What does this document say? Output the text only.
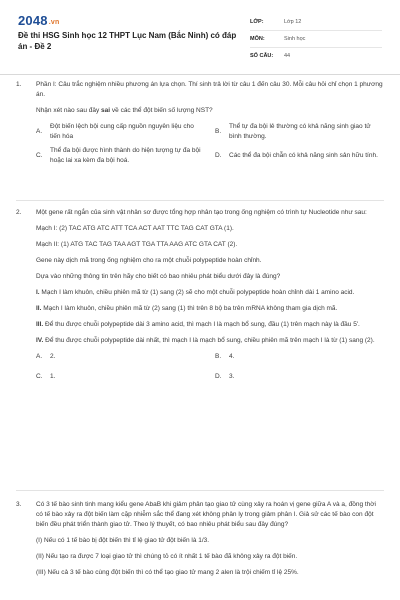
2048.vn
Đề thi HSG Sinh học 12 THPT Lục Nam (Bắc Ninh) có đáp án - Đề 2
LỚP:	Lớp 12
MÔN:	Sinh học
SỐ CÂU:	44
1.	Phần I: Câu trắc nghiệm nhiều phương án lựa chọn. Thí sinh trả lời từ câu 1 đến câu 30. Mỗi câu hỏi chỉ chọn 1 phương án.

Nhận xét nào sau đây sai về các thể đột biến số lượng NST?

A.
Đột biến lệch bội cung cấp nguồn nguyên liệu cho tiến hóa
B.
Thể tự đa bội lẻ thường có khả năng sinh giao tử bình thường.
C.
Thể đa bội được hình thành do hiện tượng tự đa bội hoặc lai xa kèm đa bội hoá.
D.	Các thể đa bội chẵn có khả năng sinh sản hữu tính.
2.	Một gene rất ngắn của sinh vật nhân sơ được tổng hợp nhân tạo trong ống nghiệm có trình tự Nucleotide như sau:

Mạch I: (2) TAC ATG ATC ATT TCA ACT AAT TTC TAG CAT GTA (1).

Mạch II: (1) ATG TAC TAG TAA AGT TGA TTA AAG ATC GTA CAT (2).

Gene này dịch mã trong ống nghiệm cho ra một chuỗi polypeptide hoàn chỉnh.

Dựa vào những thông tin trên hãy cho biết có bao nhiêu phát biểu dưới đây là đúng?

I. Mạch I làm khuôn, chiều phiên mã từ (1) sang (2) sẽ cho một chuỗi polypeptide hoàn chỉnh dài 1 amino acid.

II. Mạch I làm khuôn, chiều phiên mã từ (2) sang (1) thì trên 8 bộ ba trên mRNA không tham gia dịch mã.

III. Để thu được chuỗi polypeptide dài 3 amino acid, thì mạch I là mạch bổ sung, đầu (1) trên mạch này là đầu 5'.

IV. Để thu được chuỗi polypeptide dài nhất, thì mạch I là mạch bổ sung, chiều phiên mã trên mạch I là từ (1) sang (2).

A.	2.	B.	4.
C.	1.	D.	3.
3.	Có 3 tế bào sinh tinh mang kiểu gene AbaB khi giảm phân tạo giao tử cùng xảy ra hoán vị gene giữa A và a, đồng thời có tế bào xảy ra đột biến làm cặp nhiễm sắc thể đang xét không phân ly trong giảm phân I. Giả sử các tế bào con đột biến đều phát triển thành giao tử. Theo lý thuyết, có bao nhiêu phát biểu sau đây đúng?

(I) Nếu có 1 tế bào bị đột biến thì tỉ lệ giao tử đột biến là 1/3.

(II) Nếu tạo ra được 7 loại giao tử thì chúng tỏ có ít nhất 1 tế bào đã không xảy ra đột biến.

(III) Nếu cả 3 tế bào cùng đột biến thì có thể tạo giao tử mang 2 alen là trội chiếm tỉ lệ 25%.
